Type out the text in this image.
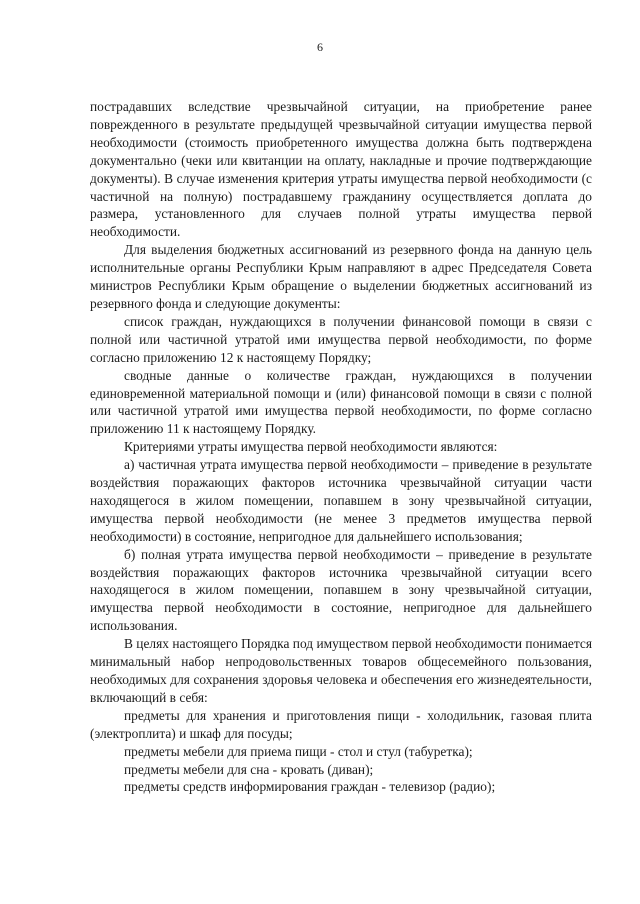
6

пострадавших вследствие чрезвычайной ситуации, на приобретение ранее поврежденного в результате предыдущей чрезвычайной ситуации имущества первой необходимости (стоимость приобретенного имущества должна быть подтверждена документально (чеки или квитанции на оплату, накладные и прочие подтверждающие документы). В случае изменения критерия утраты имущества первой необходимости (с частичной на полную) пострадавшему гражданину осуществляется доплата до размера, установленного для случаев полной утраты имущества первой необходимости.

Для выделения бюджетных ассигнований из резервного фонда на данную цель исполнительные органы Республики Крым направляют в адрес Председателя Совета министров Республики Крым обращение о выделении бюджетных ассигнований из резервного фонда и следующие документы:

список граждан, нуждающихся в получении финансовой помощи в связи с полной или частичной утратой ими имущества первой необходимости, по форме согласно приложению 12 к настоящему Порядку;

сводные данные о количестве граждан, нуждающихся в получении единовременной материальной помощи и (или) финансовой помощи в связи с полной или частичной утратой ими имущества первой необходимости, по форме согласно приложению 11 к настоящему Порядку.

Критериями утраты имущества первой необходимости являются:

а) частичная утрата имущества первой необходимости – приведение в результате воздействия поражающих факторов источника чрезвычайной ситуации части находящегося в жилом помещении, попавшем в зону чрезвычайной ситуации, имущества первой необходимости (не менее 3 предметов имущества первой необходимости) в состояние, непригодное для дальнейшего использования;

б) полная утрата имущества первой необходимости – приведение в результате воздействия поражающих факторов источника чрезвычайной ситуации всего находящегося в жилом помещении, попавшем в зону чрезвычайной ситуации, имущества первой необходимости в состояние, непригодное для дальнейшего использования.

В целях настоящего Порядка под имуществом первой необходимости понимается минимальный набор непродовольственных товаров общесемейного пользования, необходимых для сохранения здоровья человека и обеспечения его жизнедеятельности, включающий в себя:

предметы для хранения и приготовления пищи - холодильник, газовая плита (электроплита) и шкаф для посуды;

предметы мебели для приема пищи - стол и стул (табуретка);

предметы мебели для сна - кровать (диван);

предметы средств информирования граждан - телевизор (радио);
